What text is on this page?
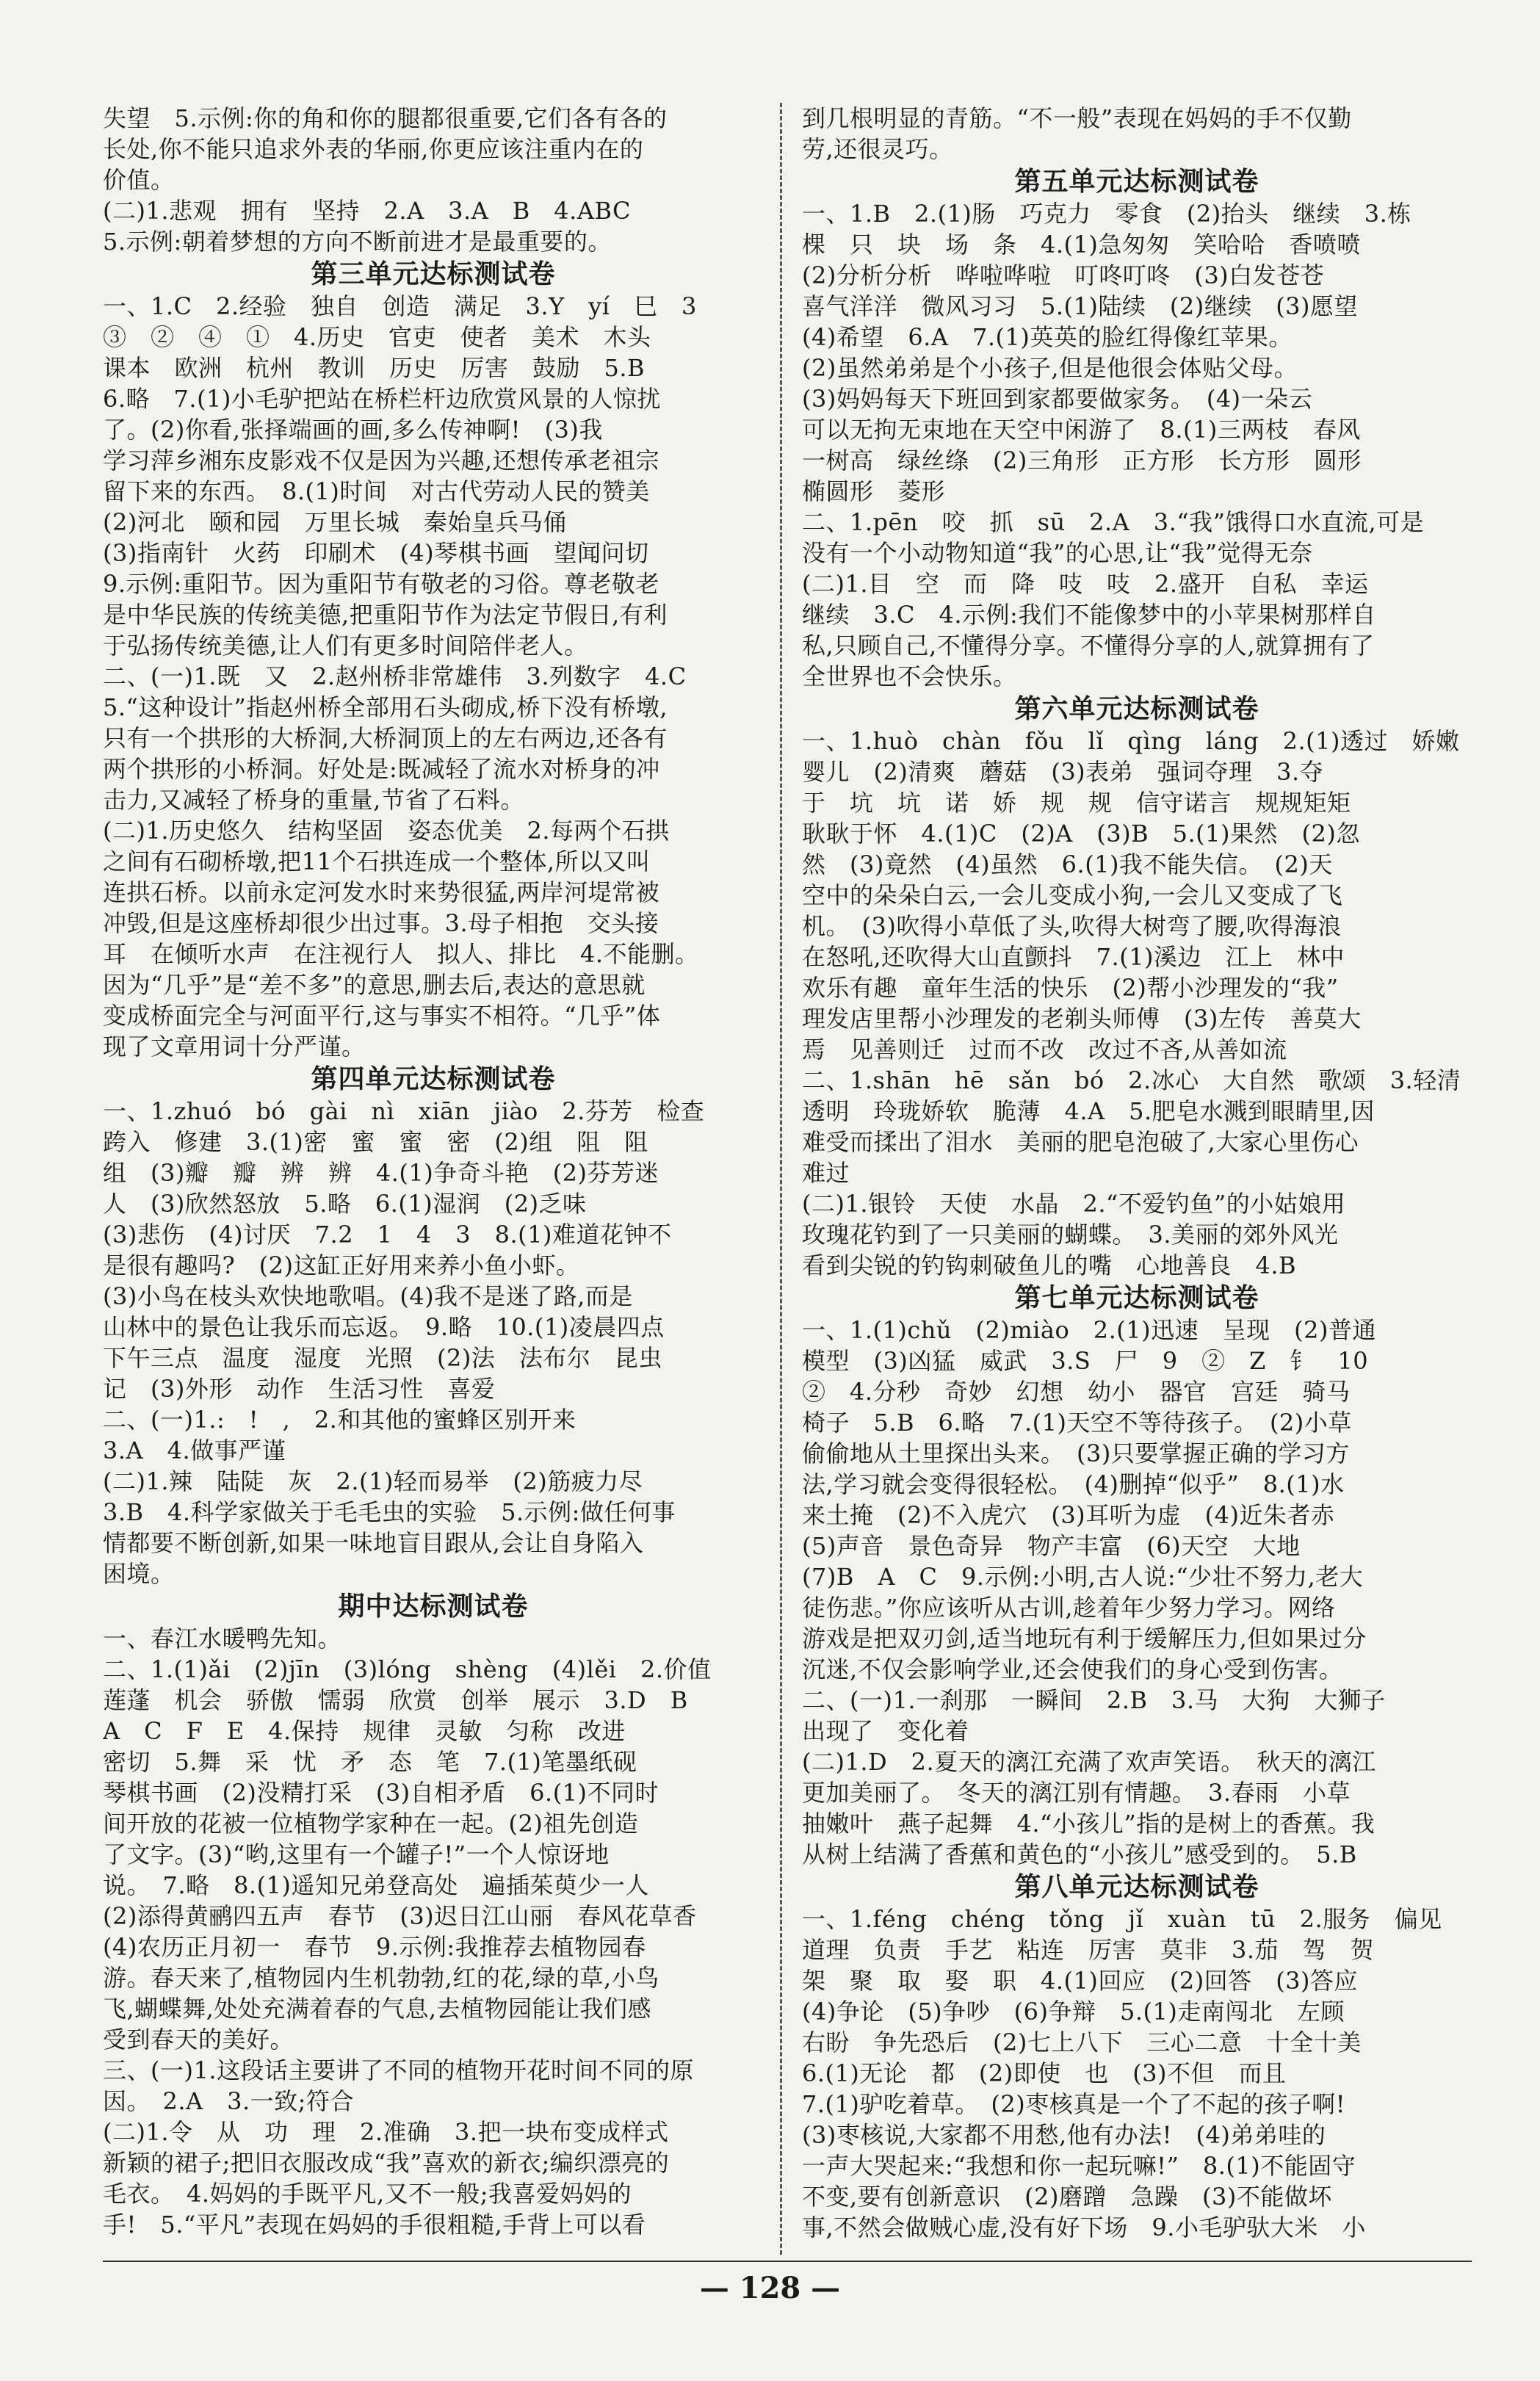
失望　5.示例:你的角和你的腿都很重要,它们各有各的
长处,你不能只追求外表的华丽,你更应该注重内在的
价值。
(二)1.悲观　拥有　坚持　2.A　3.A　B　4.ABC
5.示例:朝着梦想的方向不断前进才是最重要的。
第三单元达标测试卷
一、1.C　2.经验　独自　创造　满足　3.Y　yí　巳　3
③　②　④　①　4.历史　官吏　使者　美术　木头
课本　欧洲　杭州　教训　历史　厉害　鼓励　5.B
6.略　7.(1)小毛驴把站在桥栏杆边欣赏风景的人惊扰
了。(2)你看,张择端画的画,多么传神啊!　(3)我
学习萍乡湘东皮影戏不仅是因为兴趣,还想传承老祖宗
留下来的东西。　8.(1)时间　对古代劳动人民的赞美
(2)河北　颐和园　万里长城　秦始皇兵马俑
(3)指南针　火药　印刷术　(4)琴棋书画　望闻问切
9.示例:重阳节。因为重阳节有敬老的习俗。尊老敬老
是中华民族的传统美德,把重阳节作为法定节假日,有利
于弘扬传统美德,让人们有更多时间陪伴老人。
二、(一)1.既　又　2.赵州桥非常雄伟　3.列数字　4.C
5.“这种设计”指赵州桥全部用石头砌成,桥下没有桥墩,
只有一个拱形的大桥洞,大桥洞顶上的左右两边,还各有
两个拱形的小桥洞。好处是:既减轻了流水对桥身的冲
击力,又减轻了桥身的重量,节省了石料。
(二)1.历史悠久　结构坚固　姿态优美　2.每两个石拱
之间有石砌桥墩,把11个石拱连成一个整体,所以又叫
连拱石桥。以前永定河发水时来势很猛,两岸河堤常被
冲毁,但是这座桥却很少出过事。3.母子相抱　交头接
耳　在倾听水声　在注视行人　拟人、排比　4.不能删。
因为“几乎”是“差不多”的意思,删去后,表达的意思就
变成桥面完全与河面平行,这与事实不相符。“几乎”体
现了文章用词十分严谨。
第四单元达标测试卷
一、1.zhuó　bó　gài　nì　xiān　jiào　2.芬芳　检查
跨入　修建　3.(1)密　蜜　蜜　密　(2)组　阻　阻
组　(3)瓣　瓣　辨　辨　4.(1)争奇斗艳　(2)芬芳迷
人　(3)欣然怒放　5.略　6.(1)湿润　(2)乏味
(3)悲伤　(4)讨厌　7.2　1　4　3　8.(1)难道花钟不
是很有趣吗?　(2)这缸正好用来养小鱼小虾。
(3)小鸟在枝头欢快地歌唱。(4)我不是迷了路,而是
山林中的景色让我乐而忘返。　9.略　10.(1)凌晨四点
下午三点　温度　湿度　光照　(2)法　法布尔　昆虫
记　(3)外形　动作　生活习性　喜爱
二、(一)1.:　!　,　2.和其他的蜜蜂区别开来
3.A　4.做事严谨
(二)1.辣　陆陡　灰　2.(1)轻而易举　(2)筋疲力尽
3.B　4.科学家做关于毛毛虫的实验　5.示例:做任何事
情都要不断创新,如果一味地盲目跟从,会让自身陷入
困境。
期中达标测试卷
一、春江水暖鸭先知。
二、1.(1)ǎi　(2)jīn　(3)lóng　shèng　(4)lěi　2.价值
莲蓬　机会　骄傲　懦弱　欣赏　创举　展示　3.D　B
A　C　F　E　4.保持　规律　灵敏　匀称　改进
密切　5.舞　采　忧　矛　态　笔　7.(1)笔墨纸砚
琴棋书画　(2)没精打采　(3)自相矛盾　6.(1)不同时
间开放的花被一位植物学家种在一起。(2)祖先创造
了文字。(3)“哟,这里有一个罐子!”一个人惊讶地
说。　7.略　8.(1)遥知兄弟登高处　遍插茱萸少一人
(2)添得黄鹂四五声　春节　(3)迟日江山丽　春风花草香
(4)农历正月初一　春节　9.示例:我推荐去植物园春
游。春天来了,植物园内生机勃勃,红的花,绿的草,小鸟
飞,蝴蝶舞,处处充满着春的气息,去植物园能让我们感
受到春天的美好。
三、(一)1.这段话主要讲了不同的植物开花时间不同的原
因。　2.A　3.一致;符合
(二)1.令　从　功　理　2.准确　3.把一块布变成样式
新颖的裙子;把旧衣服改成“我”喜欢的新衣;编织漂亮的
毛衣。　4.妈妈的手既平凡,又不一般;我喜爱妈妈的
手!　5.“平凡”表现在妈妈的手很粗糙,手背上可以看
到几根明显的青筋。“不一般”表现在妈妈的手不仅勤
劳,还很灵巧。
第五单元达标测试卷
一、1.B　2.(1)肠　巧克力　零食　(2)抬头　继续　3.栋
棵　只　块　场　条　4.(1)急匆匆　笑哈哈　香喷喷
(2)分析分析　哗啦哗啦　叮咚叮咚　(3)白发苍苍
喜气洋洋　微风习习　5.(1)陆续　(2)继续　(3)愿望
(4)希望　6.A　7.(1)英英的脸红得像红苹果。
(2)虽然弟弟是个小孩子,但是他很会体贴父母。
(3)妈妈每天下班回到家都要做家务。　(4)一朵云
可以无拘无束地在天空中闲游了　8.(1)三两枝　春风
一树高　绿丝绦　(2)三角形　正方形　长方形　圆形
椭圆形　菱形
二、1.pēn　咬　抓　sū　2.A　3.“我”饿得口水直流,可是
没有一个小动物知道“我”的心思,让“我”觉得无奈
(二)1.目　空　而　降　吱　吱　2.盛开　自私　幸运
继续　3.C　4.示例:我们不能像梦中的小苹果树那样自
私,只顾自己,不懂得分享。不懂得分享的人,就算拥有了
全世界也不会快乐。
第六单元达标测试卷
一、1.huò　chàn　fǒu　lǐ　qìng　láng　2.(1)透过　娇嫩
婴儿　(2)清爽　蘑菇　(3)表弟　强词夺理　3.夺
于　坑　坑　诺　娇　规　规　信守诺言　规规矩矩
耿耿于怀　4.(1)C　(2)A　(3)B　5.(1)果然　(2)忽
然　(3)竟然　(4)虽然　6.(1)我不能失信。　(2)天
空中的朵朵白云,一会儿变成小狗,一会儿又变成了飞
机。　(3)吹得小草低了头,吹得大树弯了腰,吹得海浪
在怒吼,还吹得大山直颤抖　7.(1)溪边　江上　林中
欢乐有趣　童年生活的快乐　(2)帮小沙理发的“我”
理发店里帮小沙理发的老剃头师傅　(3)左传　善莫大
焉　见善则迁　过而不改　改过不吝,从善如流
二、1.shān　hē　sǎn　bó　2.冰心　大自然　歌颂　3.轻清
透明　玲珑娇软　脆薄　4.A　5.肥皂水溅到眼睛里,因
难受而揉出了泪水　美丽的肥皂泡破了,大家心里伤心
难过
(二)1.银铃　天使　水晶　2.“不爱钓鱼”的小姑娘用
玫瑰花钓到了一只美丽的蝴蝶。　3.美丽的郊外风光
看到尖锐的钓钩刺破鱼儿的嘴　心地善良　4.B
第七单元达标测试卷
一、1.(1)chǔ　(2)miào　2.(1)迅速　呈现　(2)普通
模型　(3)凶猛　威武　3.S　尸　9　②　Z　钅　10
②　4.分秒　奇妙　幻想　幼小　器官　宫廷　骑马
椅子　5.B　6.略　7.(1)天空不等待孩子。　(2)小草
偷偷地从土里探出头来。　(3)只要掌握正确的学习方
法,学习就会变得很轻松。　(4)删掉“似乎”　8.(1)水
来土掩　(2)不入虎穴　(3)耳听为虚　(4)近朱者赤
(5)声音　景色奇异　物产丰富　(6)天空　大地
(7)B　A　C　9.示例:小明,古人说:“少壮不努力,老大
徒伤悲。”你应该听从古训,趁着年少努力学习。网络
游戏是把双刃剑,适当地玩有利于缓解压力,但如果过分
沉迷,不仅会影响学业,还会使我们的身心受到伤害。
二、(一)1.一刹那　一瞬间　2.B　3.马　大狗　大狮子
出现了　变化着
(二)1.D　2.夏天的漓江充满了欢声笑语。　秋天的漓江
更加美丽了。　冬天的漓江别有情趣。　3.春雨　小草
抽嫩叶　燕子起舞　4.“小孩儿”指的是树上的香蕉。我
从树上结满了香蕉和黄色的“小孩儿”感受到的。　5.B
第八单元达标测试卷
一、1.féng　chéng　tǒng　jǐ　xuàn　tū　2.服务　偏见
道理　负责　手艺　粘连　厉害　莫非　3.茄　驾　贺
架　聚　取　娶　职　4.(1)回应　(2)回答　(3)答应
(4)争论　(5)争吵　(6)争辩　5.(1)走南闯北　左顾
右盼　争先恐后　(2)七上八下　三心二意　十全十美
6.(1)无论　都　(2)即使　也　(3)不但　而且
7.(1)驴吃着草。　(2)枣核真是一个了不起的孩子啊!
(3)枣核说,大家都不用愁,他有办法!　(4)弟弟哇的
一声大哭起来:“我想和你一起玩嘛!”　8.(1)不能固守
不变,要有创新意识　(2)磨蹭　急躁　(3)不能做坏
事,不然会做贼心虚,没有好下场　9.小毛驴驮大米　小
— 128 —
